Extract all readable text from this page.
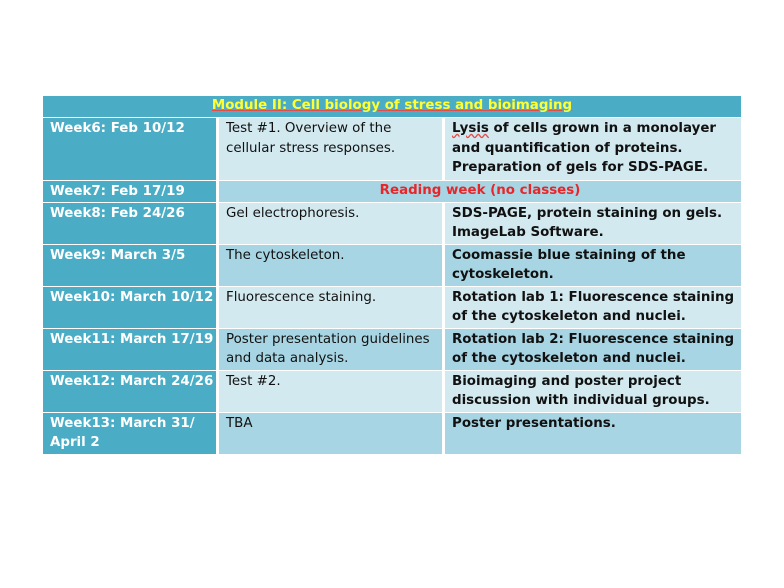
Module II: Cell biology of stress and bioimaging		
Week6: Feb 10/12	Test #1. Overview of the cellular stress responses.	Lysis of cells grown in a monolayer and quantification of proteins. Preparation of gels for SDS-PAGE.
Week7: Feb 17/19	Reading week (no classes)	
Week8: Feb 24/26	Gel electrophoresis.	SDS-PAGE, protein staining on gels. ImageLab Software.
Week9: March 3/5	The cytoskeleton.	Coomassie blue staining of the cytoskeleton.
Week10: March 10/12	Fluorescence staining.	Rotation lab 1: Fluorescence staining of the cytoskeleton and nuclei.
Week11: March 17/19	Poster presentation guidelines and data analysis.	Rotation lab 2: Fluorescence staining of the cytoskeleton and nuclei.
Week12: March 24/26	Test #2.	Bioimaging and poster project discussion with individual groups.
Week13: March 31/ April 2	TBA	Poster presentations.
